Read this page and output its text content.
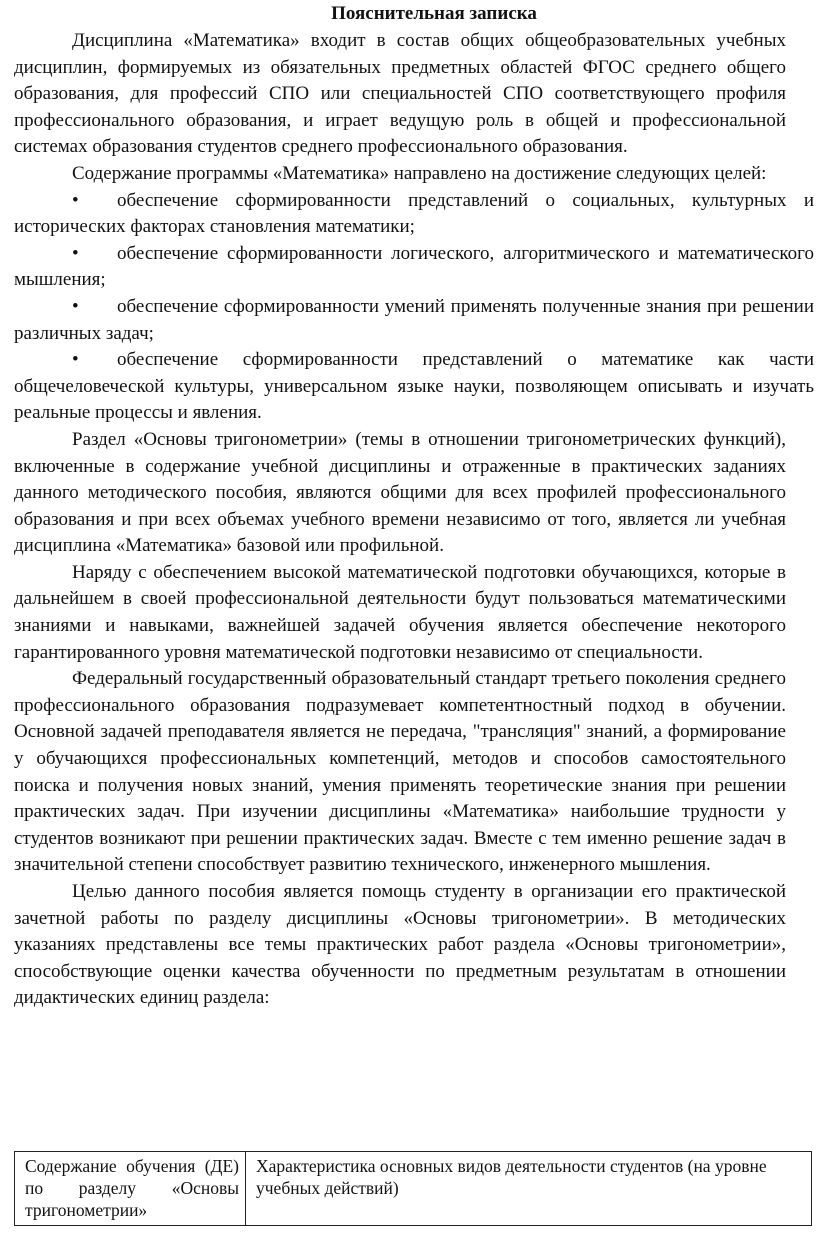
Пояснительная записка

Дисциплина «Математика» входит в состав общих общеобразовательных учебных дисциплин, формируемых из обязательных предметных областей ФГОС среднего общего образования, для профессий СПО или специальностей СПО соответствующего профиля профессионального образования, и играет ведущую роль в общей и профессиональной системах образования студентов среднего профессионального образования.

Содержание программы «Математика» направлено на достижение следующих целей:

• обеспечение сформированности представлений о социальных, культурных и исторических факторах становления математики;
• обеспечение сформированности логического, алгоритмического и математического мышления;
• обеспечение сформированности умений применять полученные знания при решении различных задач;
• обеспечение сформированности представлений о математике как части общечеловеческой культуры, универсальном языке науки, позволяющем описывать и изучать реальные процессы и явления.

Раздел «Основы тригонометрии» (темы в отношении тригонометрических функций), включенные в содержание учебной дисциплины и отраженные в практических заданиях данного методического пособия, являются общими для всех профилей профессионального образования и при всех объемах учебного времени независимо от того, является ли учебная дисциплина «Математика» базовой или профильной.

Наряду с обеспечением высокой математической подготовки обучающихся, которые в дальнейшем в своей профессиональной деятельности будут пользоваться математическими знаниями и навыками, важнейшей задачей обучения является обеспечение некоторого гарантированного уровня математической подготовки независимо от специальности.

Федеральный государственный образовательный стандарт третьего поколения среднего профессионального образования подразумевает компетентностный подход в обучении. Основной задачей преподавателя является не передача, "трансляция" знаний, а формирование у обучающихся профессиональных компетенций, методов и способов самостоятельного поиска и получения новых знаний, умения применять теоретические знания при решении практических задач. При изучении дисциплины «Математика» наибольшие трудности у студентов возникают при решении практических задач. Вместе с тем именно решение задач в значительной степени способствует развитию технического, инженерного мышления.

Целью данного пособия является помощь студенту в организации его практической зачетной работы по разделу дисциплины «Основы тригонометрии». В методических указаниях представлены все темы практических работ раздела «Основы тригонометрии», способствующие оценки качества обученности по предметным результатам в отношении дидактических единиц раздела:

Содержание обучения (ДЕ) по разделу «Основы тригонометрии»	Характеристика основных видов деятельности студентов (на уровне учебных действий)
